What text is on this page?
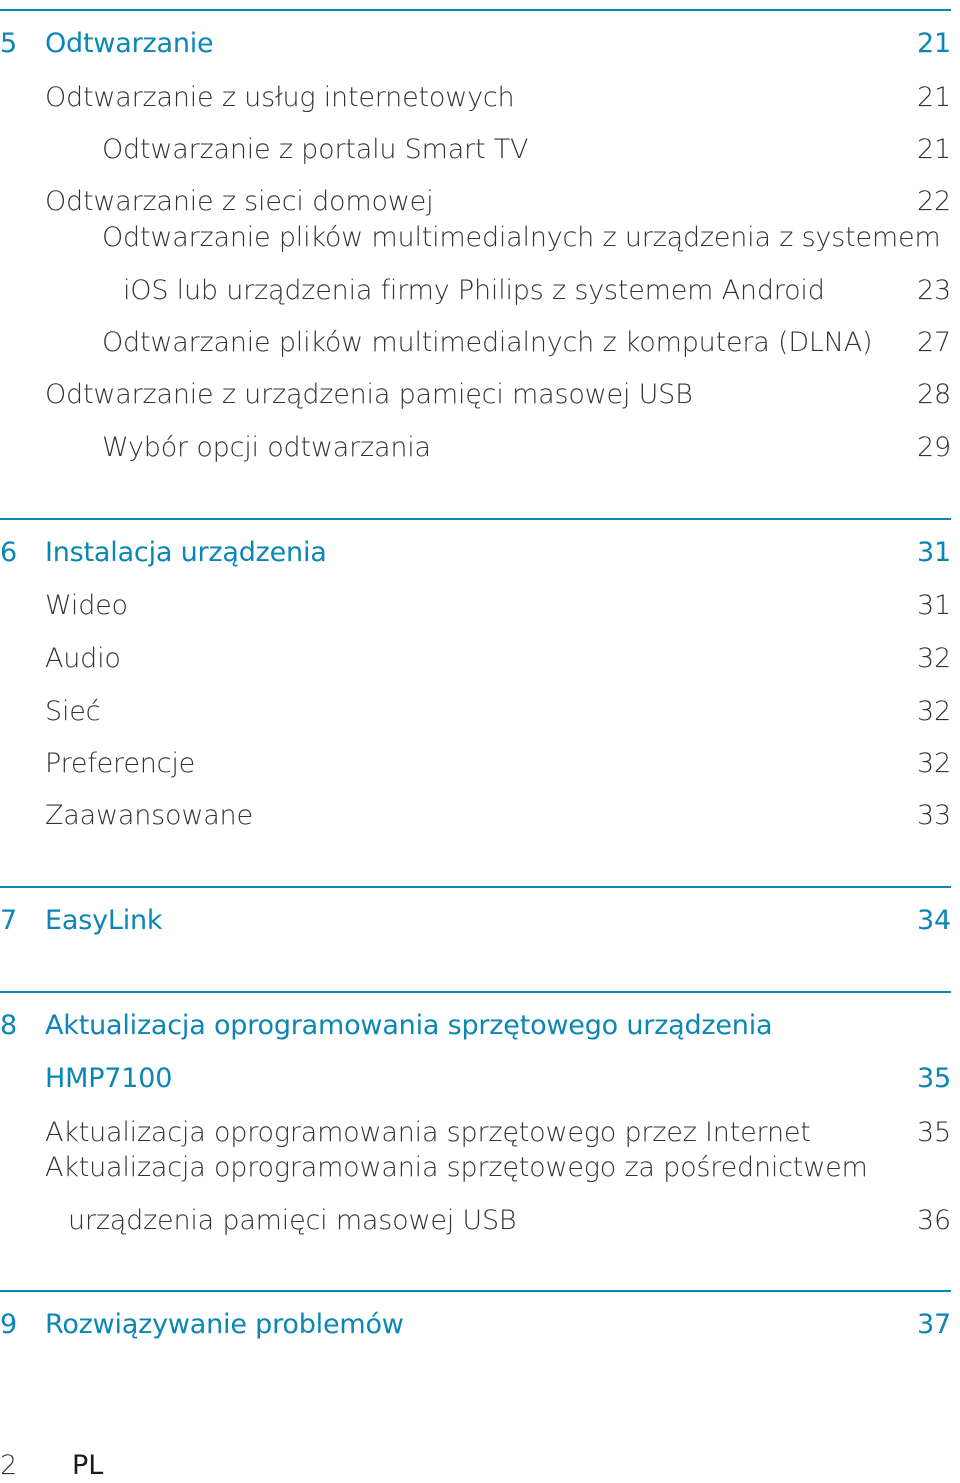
5 Odtwarzanie	21
Odtwarzanie z usług internetowych	21
Odtwarzanie z portalu Smart TV	21
Odtwarzanie z sieci domowej	22
Odtwarzanie plików multimedialnych z urządzenia z systemem
iOS lub urządzenia firmy Philips z systemem Android	23
Odtwarzanie plików multimedialnych z komputera (DLNA) 27
Odtwarzanie z urządzenia pamięci masowej USB	28
Wybór opcji odtwarzania	29
6 Instalacja urządzenia	31
Wideo	31
Audio	32
Sieć	32
Preferencje	32
Zaawansowane	33
7 EasyLink	34
8 Aktualizacja oprogramowania sprzętowego urządzenia
HMP7100	35
Aktualizacja oprogramowania sprzętowego przez Internet	35
Aktualizacja oprogramowania sprzętowego za pośrednictwem
urządzenia pamięci masowej USB	36
9 Rozwiązywanie problemów	37
2 PL
